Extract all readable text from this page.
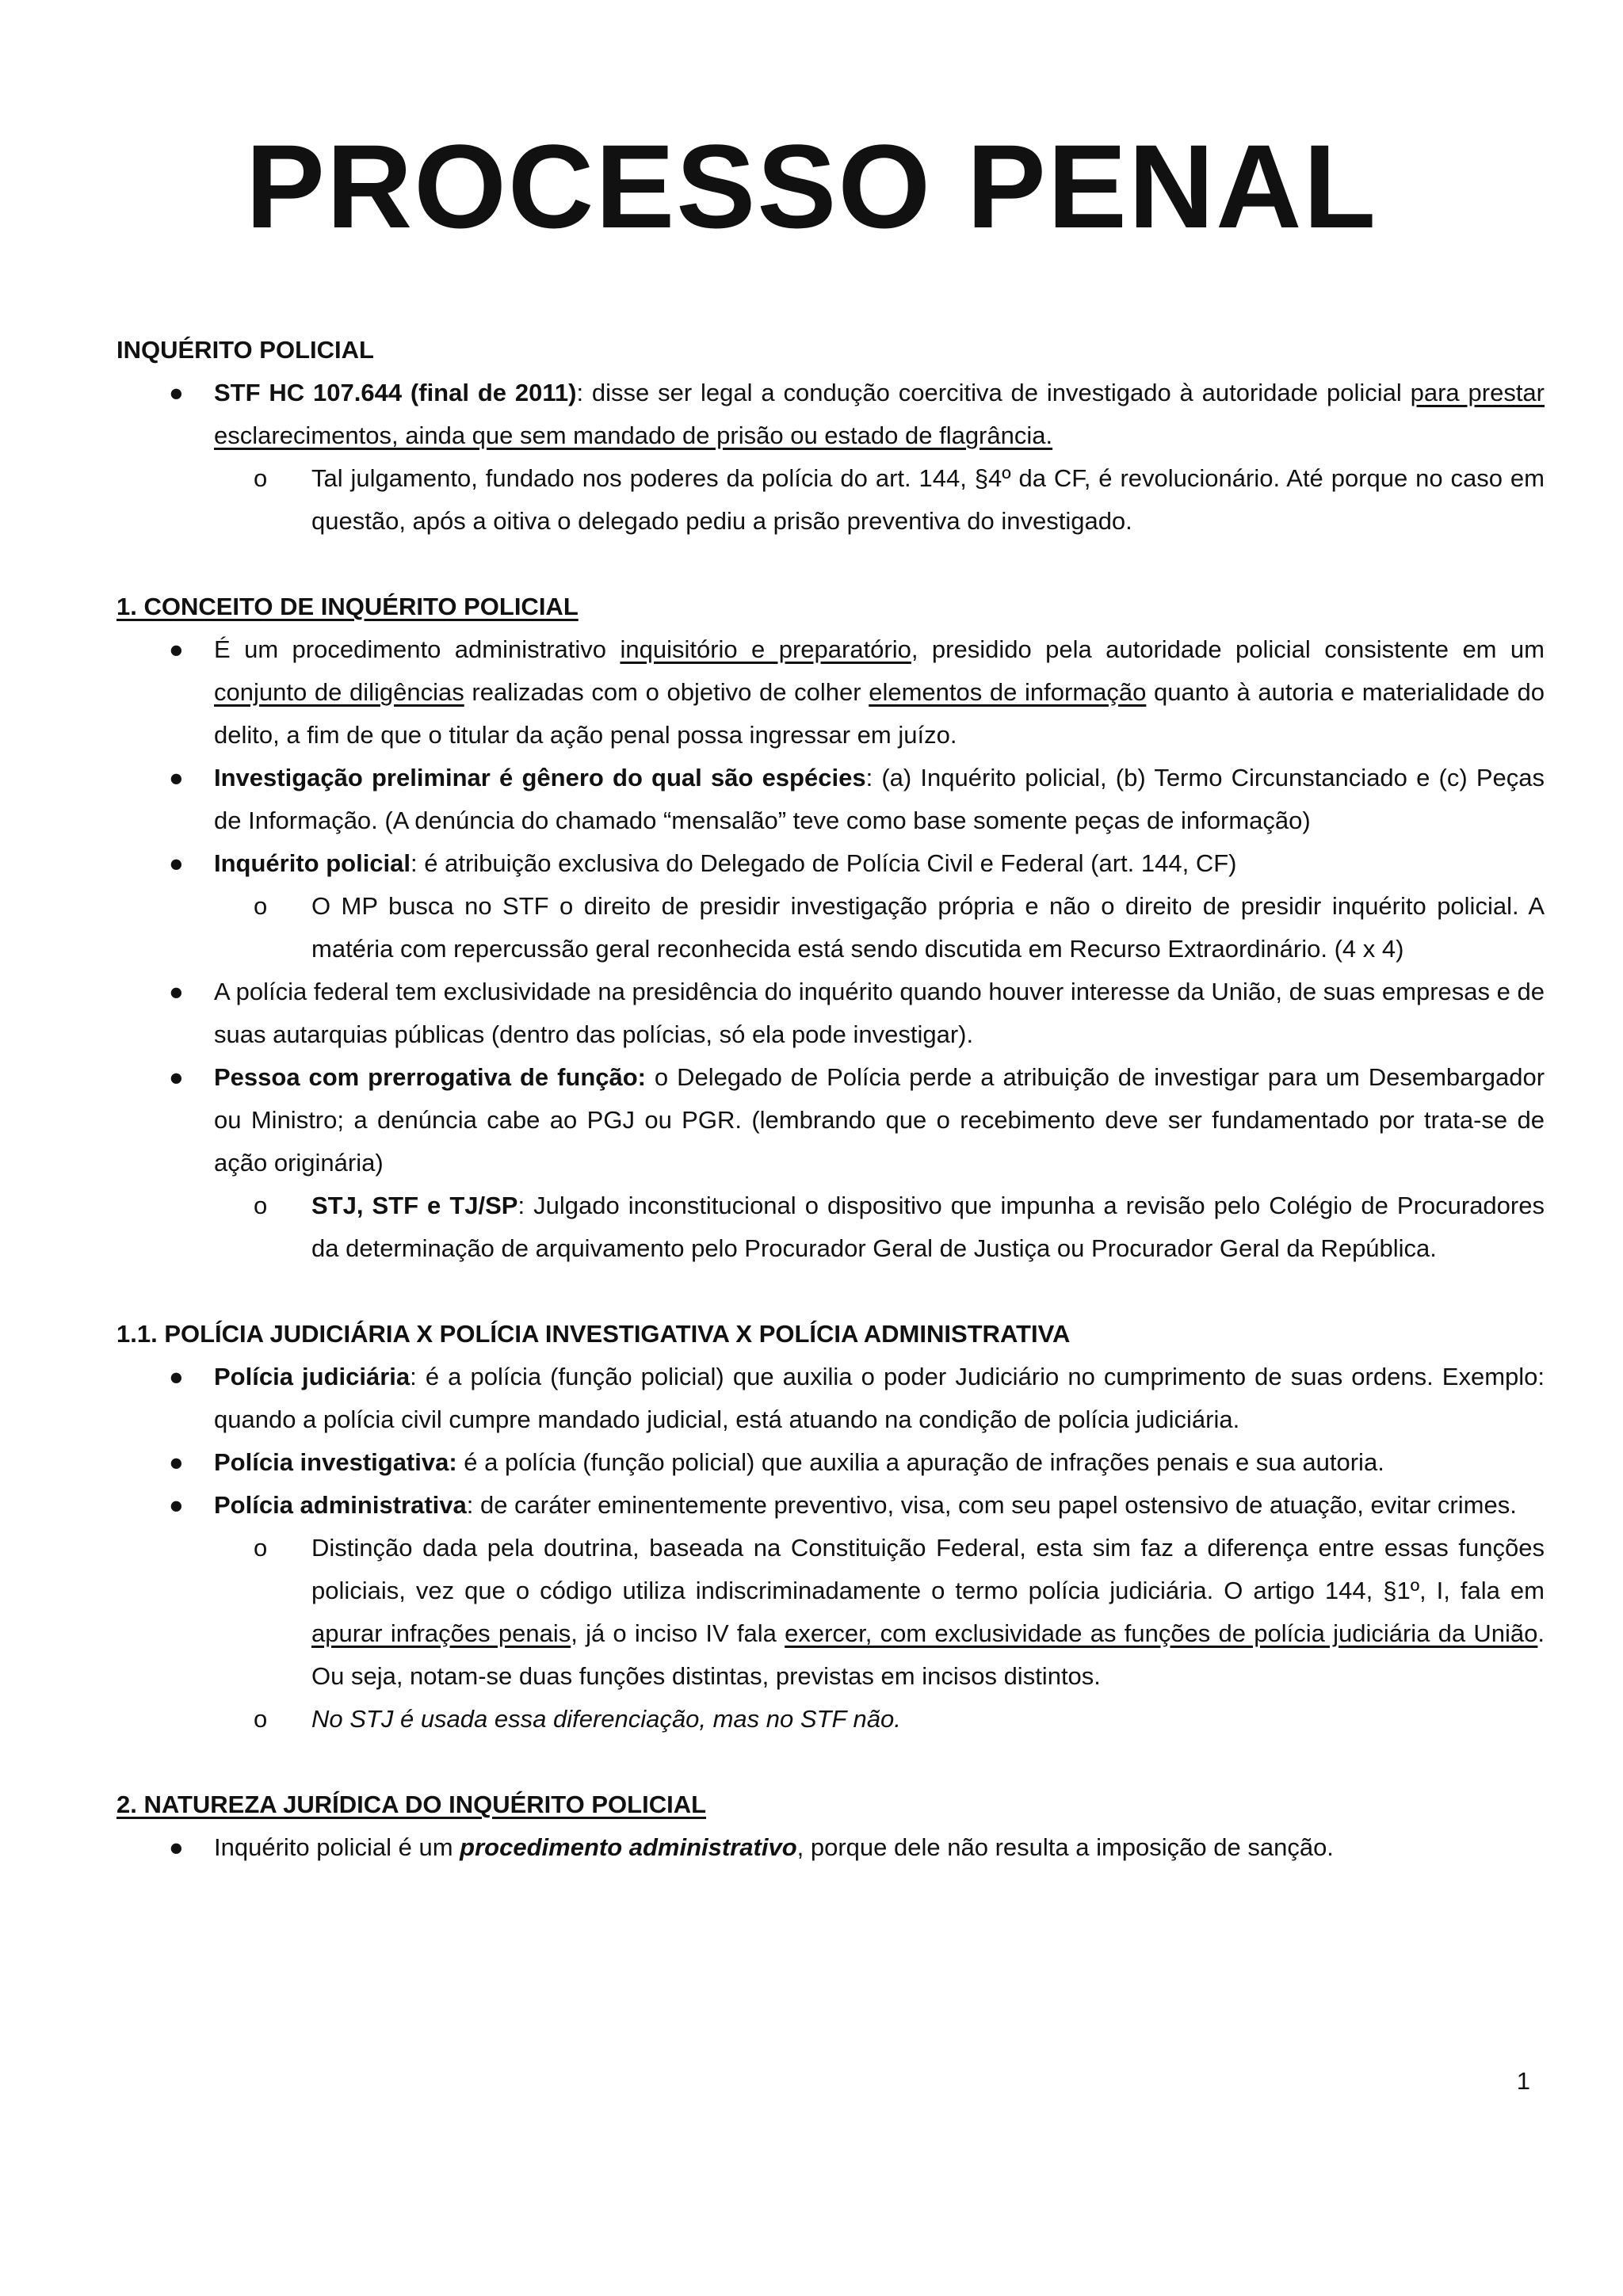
PROCESSO PENAL

INQUÉRITO POLICIAL

● STF HC 107.644 (final de 2011): disse ser legal a condução coercitiva de investigado à autoridade policial para prestar esclarecimentos, ainda que sem mandado de prisão ou estado de flagrância.
o Tal julgamento, fundado nos poderes da polícia do art. 144, §4º da CF, é revolucionário. Até porque no caso em questão, após a oitiva o delegado pediu a prisão preventiva do investigado.

1. CONCEITO DE INQUÉRITO POLICIAL

● É um procedimento administrativo inquisitório e preparatório, presidido pela autoridade policial consistente em um conjunto de diligências realizadas com o objetivo de colher elementos de informação quanto à autoria e materialidade do delito, a fim de que o titular da ação penal possa ingressar em juízo.
● Investigação preliminar é gênero do qual são espécies: (a) Inquérito policial, (b) Termo Circunstanciado e (c) Peças de Informação. (A denúncia do chamado “mensalão” teve como base somente peças de informação)
● Inquérito policial: é atribuição exclusiva do Delegado de Polícia Civil e Federal (art. 144, CF)
o O MP busca no STF o direito de presidir investigação própria e não o direito de presidir inquérito policial. A matéria com repercussão geral reconhecida está sendo discutida em Recurso Extraordinário. (4 x 4)
● A polícia federal tem exclusividade na presidência do inquérito quando houver interesse da União, de suas empresas e de suas autarquias públicas (dentro das polícias, só ela pode investigar).
● Pessoa com prerrogativa de função: o Delegado de Polícia perde a atribuição de investigar para um Desembargador ou Ministro; a denúncia cabe ao PGJ ou PGR. (lembrando que o recebimento deve ser fundamentado por trata-se de ação originária)
o STJ, STF e TJ/SP: Julgado inconstitucional o dispositivo que impunha a revisão pelo Colégio de Procuradores da determinação de arquivamento pelo Procurador Geral de Justiça ou Procurador Geral da República.

1.1. POLÍCIA JUDICIÁRIA X POLÍCIA INVESTIGATIVA X POLÍCIA ADMINISTRATIVA

● Polícia judiciária: é a polícia (função policial) que auxilia o poder Judiciário no cumprimento de suas ordens. Exemplo: quando a polícia civil cumpre mandado judicial, está atuando na condição de polícia judiciária.
● Polícia investigativa: é a polícia (função policial) que auxilia a apuração de infrações penais e sua autoria.
● Polícia administrativa: de caráter eminentemente preventivo, visa, com seu papel ostensivo de atuação, evitar crimes.
o Distinção dada pela doutrina, baseada na Constituição Federal, esta sim faz a diferença entre essas funções policiais, vez que o código utiliza indiscriminadamente o termo polícia judiciária. O artigo 144, §1º, I, fala em apurar infrações penais, já o inciso IV fala exercer, com exclusividade as funções de polícia judiciária da União. Ou seja, notam-se duas funções distintas, previstas em incisos distintos.
o No STJ é usada essa diferenciação, mas no STF não.

2. NATUREZA JURÍDICA DO INQUÉRITO POLICIAL

● Inquérito policial é um procedimento administrativo, porque dele não resulta a imposição de sanção.
1
